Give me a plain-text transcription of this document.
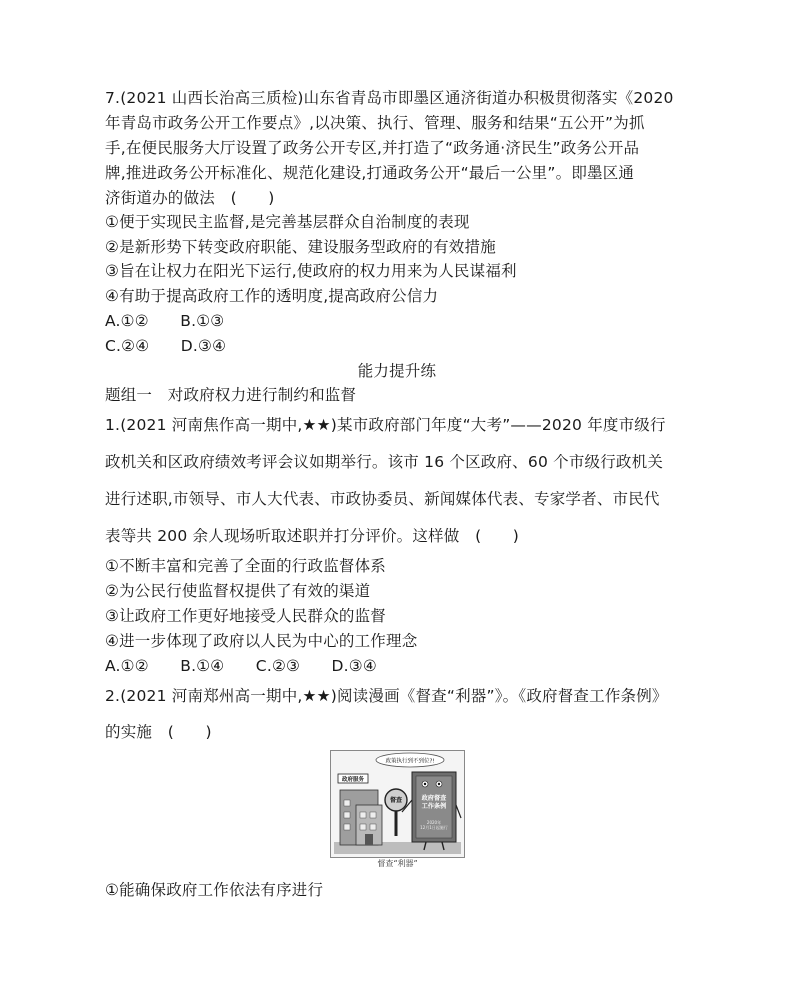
7.(2021 山西长治高三质检)山东省青岛市即墨区通济街道办积极贯彻落实《2020
年青岛市政务公开工作要点》,以决策、执行、管理、服务和结果“五公开”为抓
手,在便民服务大厅设置了政务公开专区,并打造了“政务通·济民生”政务公开品
牌,推进政务公开标准化、规范化建设,打通政务公开“最后一公里”。即墨区通
济街道办的做法　(　　)
①便于实现民主监督,是完善基层群众自治制度的表现
②是新形势下转变政府职能、建设服务型政府的有效措施
③旨在让权力在阳光下运行,使政府的权力用来为人民谋福利
④有助于提高政府工作的透明度,提高政府公信力
A.①②　　B.①③
C.②④　　D.③④
能力提升练
题组一　对政府权力进行制约和监督
1.(2021 河南焦作高一期中,★★)某市政府部门年度“大考”——2020 年度市级行
政机关和区政府绩效考评会议如期举行。该市 16 个区政府、60 个市级行政机关
进行述职,市领导、市人大代表、市政协委员、新闻媒体代表、专家学者、市民代
表等共 200 余人现场听取述职并打分评价。这样做　(　　)
①不断丰富和完善了全面的行政监督体系
②为公民行使监督权提供了有效的渠道
③让政府工作更好地接受人民群众的监督
④进一步体现了政府以人民为中心的工作理念
A.①②　　B.①④　　C.②③　　D.③④
2.(2021 河南郑州高一期中,★★)阅读漫画《督查“利器”》。《政府督查工作条例》
的实施　(　　)
政策执行到不到位?!
政府服务
督查	政府督查
工作条例
2020年
12月1日起施行
督查“利器”
①能确保政府工作依法有序进行
